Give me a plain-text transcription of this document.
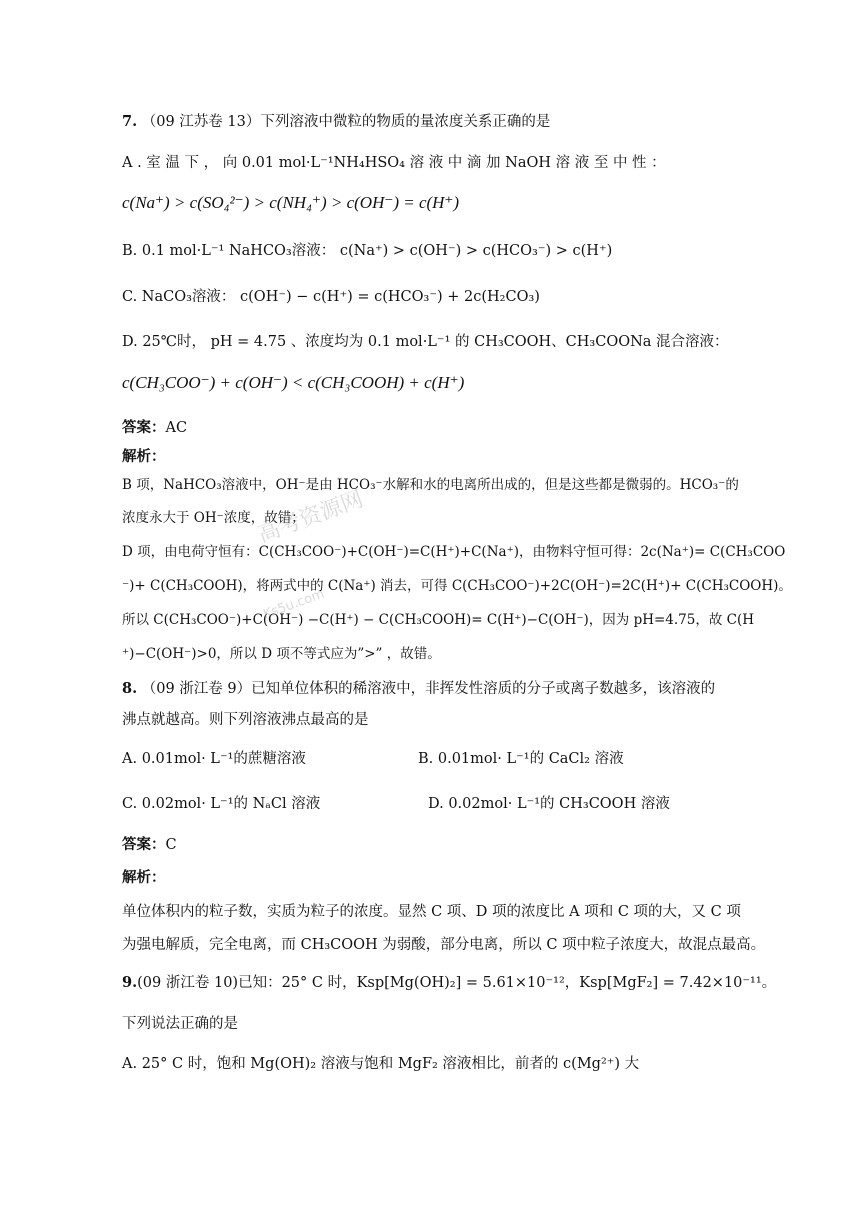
7. （09 江苏卷 13）下列溶液中微粒的物质的量浓度关系正确的是
A . 室 温 下 ， 向 0.01 mol·L⁻¹NH₄HSO₄ 溶 液 中 滴 加 NaOH 溶 液 至 中 性 ：
c(Na⁺) > c(SO₄²⁻) > c(NH₄⁺) > c(OH⁻) = c(H⁺)
B. 0.1 mol·L⁻¹ NaHCO₃溶液： c(Na⁺) > c(OH⁻) > c(HCO₃⁻) > c(H⁺)
C. NaCO₃溶液： c(OH⁻) − c(H⁺) = c(HCO₃⁻) + 2c(H₂CO₃)
D. 25℃时， pH = 4.75 、浓度均为 0.1 mol·L⁻¹ 的 CH₃COOH、CH₃COONa 混合溶液：
c(CH₃COO⁻) + c(OH⁻) < c(CH₃COOH) + c(H⁺)
答案：AC
解析：
B 项，NaHCO₃溶液中，OH⁻是由 HCO₃⁻水解和水的电离所出成的，但是这些都是微弱的。HCO₃⁻的
浓度永大于 OH⁻浓度，故错；
D 项，由电荷守恒有：C(CH₃COO⁻)+C(OH⁻)=C(H⁺)+C(Na⁺)，由物料守恒可得：2c(Na⁺)= C(CH₃COO
⁻)+ C(CH₃COOH)，将两式中的 C(Na⁺) 消去，可得 C(CH₃COO⁻)+2C(OH⁻)=2C(H⁺)+ C(CH₃COOH)。
所以 C(CH₃COO⁻)+C(OH⁻) −C(H⁺) − C(CH₃COOH)= C(H⁺)−C(OH⁻)，因为 pH=4.75，故 C(H
⁺)−C(OH⁻)>0，所以 D 项不等式应为”>” ，故错。
高考资源网
Ks5u.com
8. （09 浙江卷 9）已知单位体积的稀溶液中，非挥发性溶质的分子或离子数越多，该溶液的
沸点就越高。则下列溶液沸点最高的是
A. 0.01mol· L⁻¹的蔗糖溶液	B. 0.01mol· L⁻¹的 CaCl₂ 溶液
C. 0.02mol· L⁻¹的 NₐCl 溶液	D. 0.02mol· L⁻¹的 CH₃COOH 溶液
答案：C
解析：
单位体积内的粒子数，实质为粒子的浓度。显然 C 项、D 项的浓度比 A 项和 C 项的大，又 C 项
为强电解质，完全电离，而 CH₃COOH 为弱酸，部分电离，所以 C 项中粒子浓度大，故混点最高。
9.(09 浙江卷 10)已知：25° C 时，Ksp[Mg(OH)₂] = 5.61×10⁻¹²，Ksp[MgF₂] = 7.42×10⁻¹¹。
下列说法正确的是
A. 25° C 时，饱和 Mg(OH)₂ 溶液与饱和 MgF₂ 溶液相比，前者的 c(Mg²⁺) 大
